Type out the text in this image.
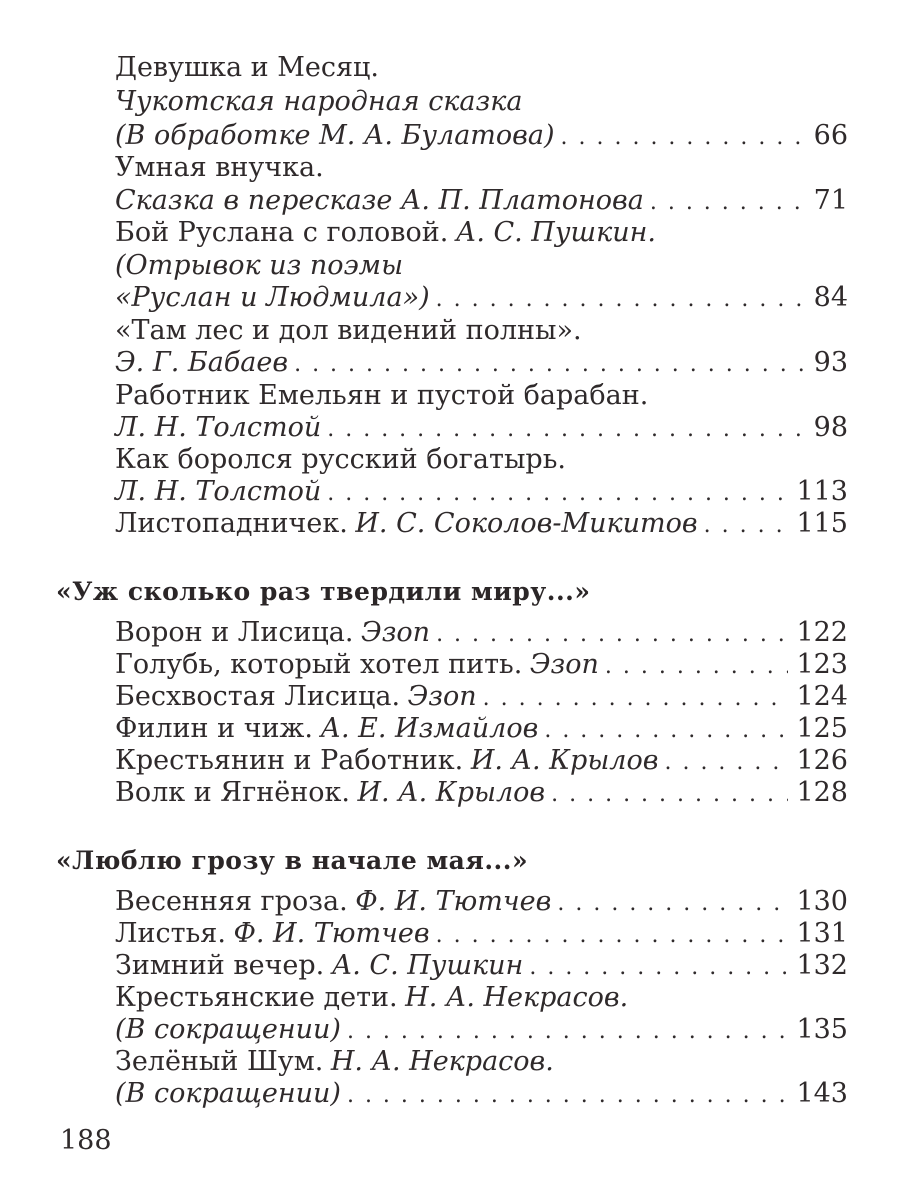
Девушка и Месяц.
Чукотская народная сказка
(В обработке М. А. Булатова) . . .	66
Умная внучка.
Сказка в пересказе А. П. Платонова . . .	71
Бой Руслана с головой. А. С. Пушкин.
(Отрывок из поэмы
«Руслан и Людмила») . . .	84
«Там лес и дол видений полны».
Э. Г. Бабаев . . .	93
Работник Емельян и пустой барабан.
Л. Н. Толстой . . .	98
Как боролся русский богатырь.
Л. Н. Толстой . . .	113
Листопадничек. И. С. Соколов-Микитов . . .	115
«Уж сколько раз твердили миру...»
Ворон и Лисица. Эзоп . . .	122
Голубь, который хотел пить. Эзоп . . .	123
Бесхвостая Лисица. Эзоп . . .	124
Филин и чиж. А. Е. Измайлов . . .	125
Крестьянин и Работник. И. А. Крылов . . .	126
Волк и Ягнёнок. И. А. Крылов . . .	128
«Люблю грозу в начале мая...»
Весенняя гроза. Ф. И. Тютчев . . .	130
Листья. Ф. И. Тютчев . . .	131
Зимний вечер. А. С. Пушкин . . .	132
Крестьянские дети. Н. А. Некрасов.
(В сокращении) . . .	135
Зелёный Шум. Н. А. Некрасов.
(В сокращении) . . .	143
188
